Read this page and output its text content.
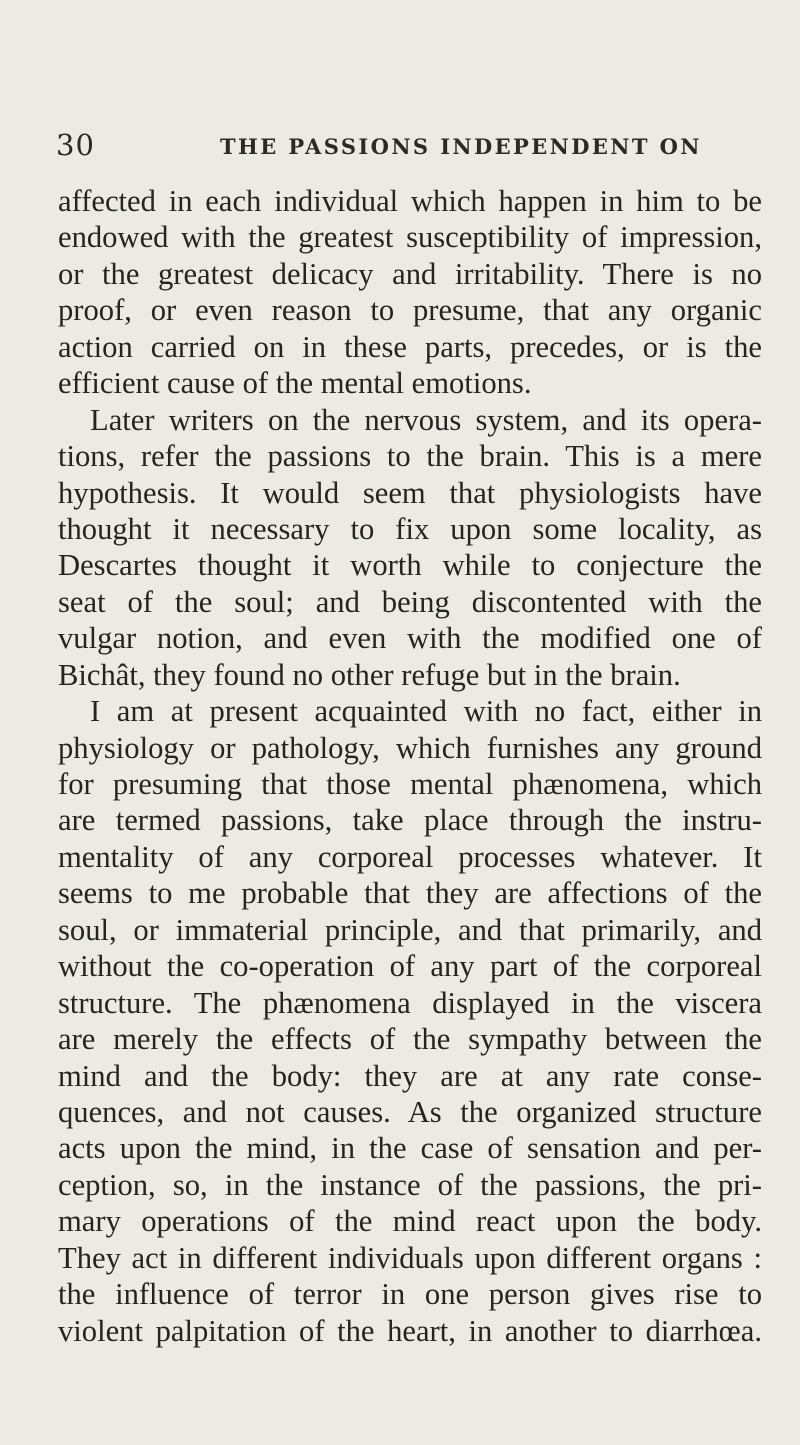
30	THE PASSIONS INDEPENDENT ON
affected in each individual which happen in him to be
endowed with the greatest susceptibility of impression,
or the greatest delicacy and irritability. There is no
proof, or even reason to presume, that any organic
action carried on in these parts, precedes, or is the
efficient cause of the mental emotions.
Later writers on the nervous system, and its opera-
tions, refer the passions to the brain. This is a mere
hypothesis. It would seem that physiologists have
thought it necessary to fix upon some locality, as
Descartes thought it worth while to conjecture the
seat of the soul; and being discontented with the
vulgar notion, and even with the modified one of
Bichât, they found no other refuge but in the brain.
I am at present acquainted with no fact, either in
physiology or pathology, which furnishes any ground
for presuming that those mental phænomena, which
are termed passions, take place through the instru-
mentality of any corporeal processes whatever. It
seems to me probable that they are affections of the
soul, or immaterial principle, and that primarily, and
without the co-operation of any part of the corporeal
structure. The phænomena displayed in the viscera
are merely the effects of the sympathy between the
mind and the body: they are at any rate conse-
quences, and not causes. As the organized structure
acts upon the mind, in the case of sensation and per-
ception, so, in the instance of the passions, the pri-
mary operations of the mind react upon the body.
They act in different individuals upon different organs :
the influence of terror in one person gives rise to
violent palpitation of the heart, in another to diarrhœa.
